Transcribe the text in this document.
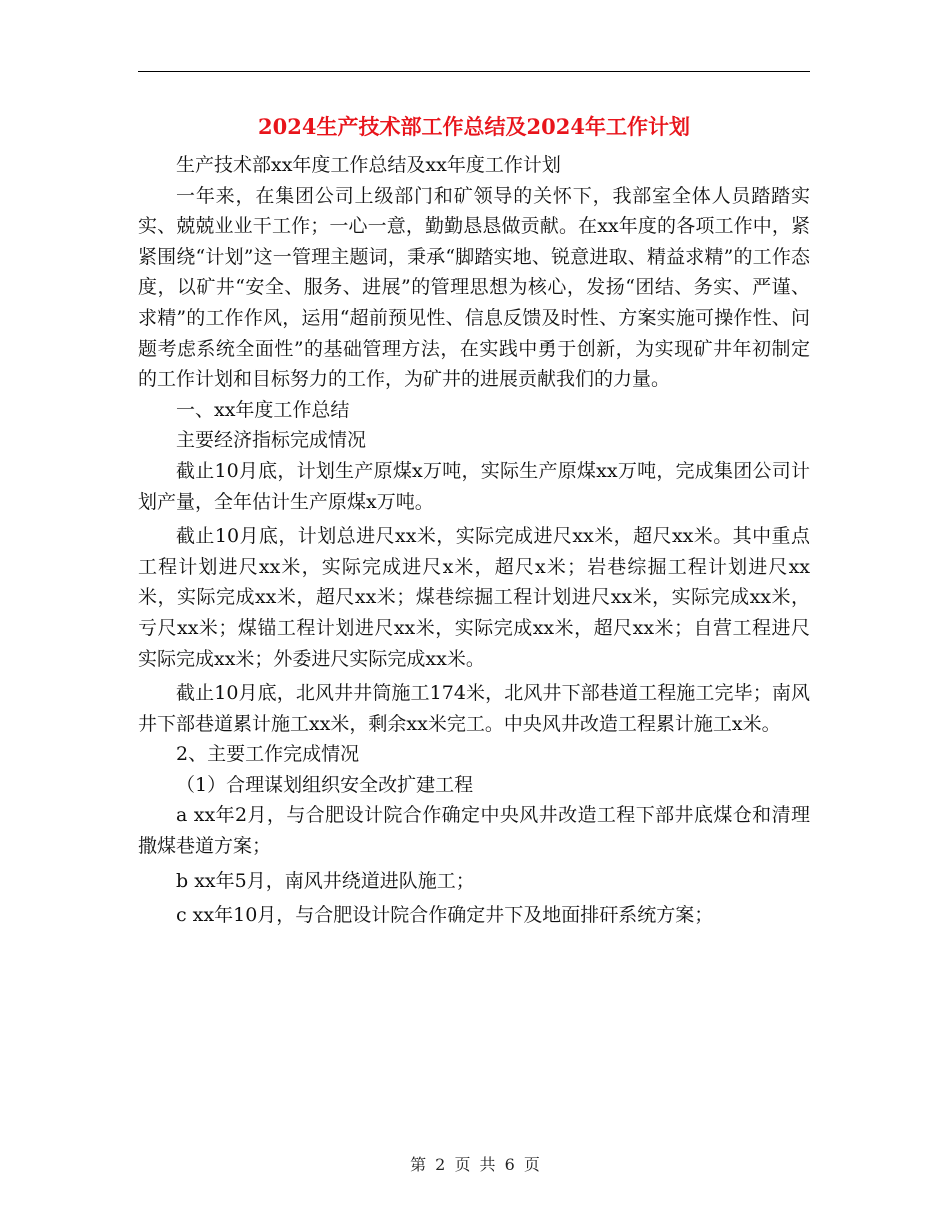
2024生产技术部工作总结及2024年工作计划

生产技术部xx年度工作总结及xx年度工作计划

一年来，在集团公司上级部门和矿领导的关怀下，我部室全体人员踏踏实实、兢兢业业干工作；一心一意，勤勤恳恳做贡献。在xx年度的各项工作中，紧紧围绕“计划”这一管理主题词，秉承“脚踏实地、锐意进取、精益求精”的工作态度，以矿井“安全、服务、进展”的管理思想为核心，发扬“团结、务实、严谨、求精”的工作作风，运用“超前预见性、信息反馈及时性、方案实施可操作性、问题考虑系统全面性”的基础管理方法，在实践中勇于创新，为实现矿井年初制定的工作计划和目标努力的工作，为矿井的进展贡献我们的力量。

一、xx年度工作总结

主要经济指标完成情况

截止10月底，计划生产原煤x万吨，实际生产原煤xx万吨，完成集团公司计划产量，全年估计生产原煤x万吨。

截止10月底，计划总进尺xx米，实际完成进尺xx米，超尺xx米。其中重点工程计划进尺xx米，实际完成进尺x米，超尺x米；岩巷综掘工程计划进尺xx米，实际完成xx米，超尺xx米；煤巷综掘工程计划进尺xx米，实际完成xx米，亏尺xx米；煤锚工程计划进尺xx米，实际完成xx米，超尺xx米；自营工程进尺实际完成xx米；外委进尺实际完成xx米。

截止10月底，北风井井筒施工174米，北风井下部巷道工程施工完毕；南风井下部巷道累计施工xx米，剩余xx米完工。中央风井改造工程累计施工x米。

2、主要工作完成情况

（1）合理谋划组织安全改扩建工程

a xx年2月，与合肥设计院合作确定中央风井改造工程下部井底煤仓和清理撒煤巷道方案；

b xx年5月，南风井绕道进队施工；

c xx年10月，与合肥设计院合作确定井下及地面排矸系统方案；

第 2 页 共 6 页
